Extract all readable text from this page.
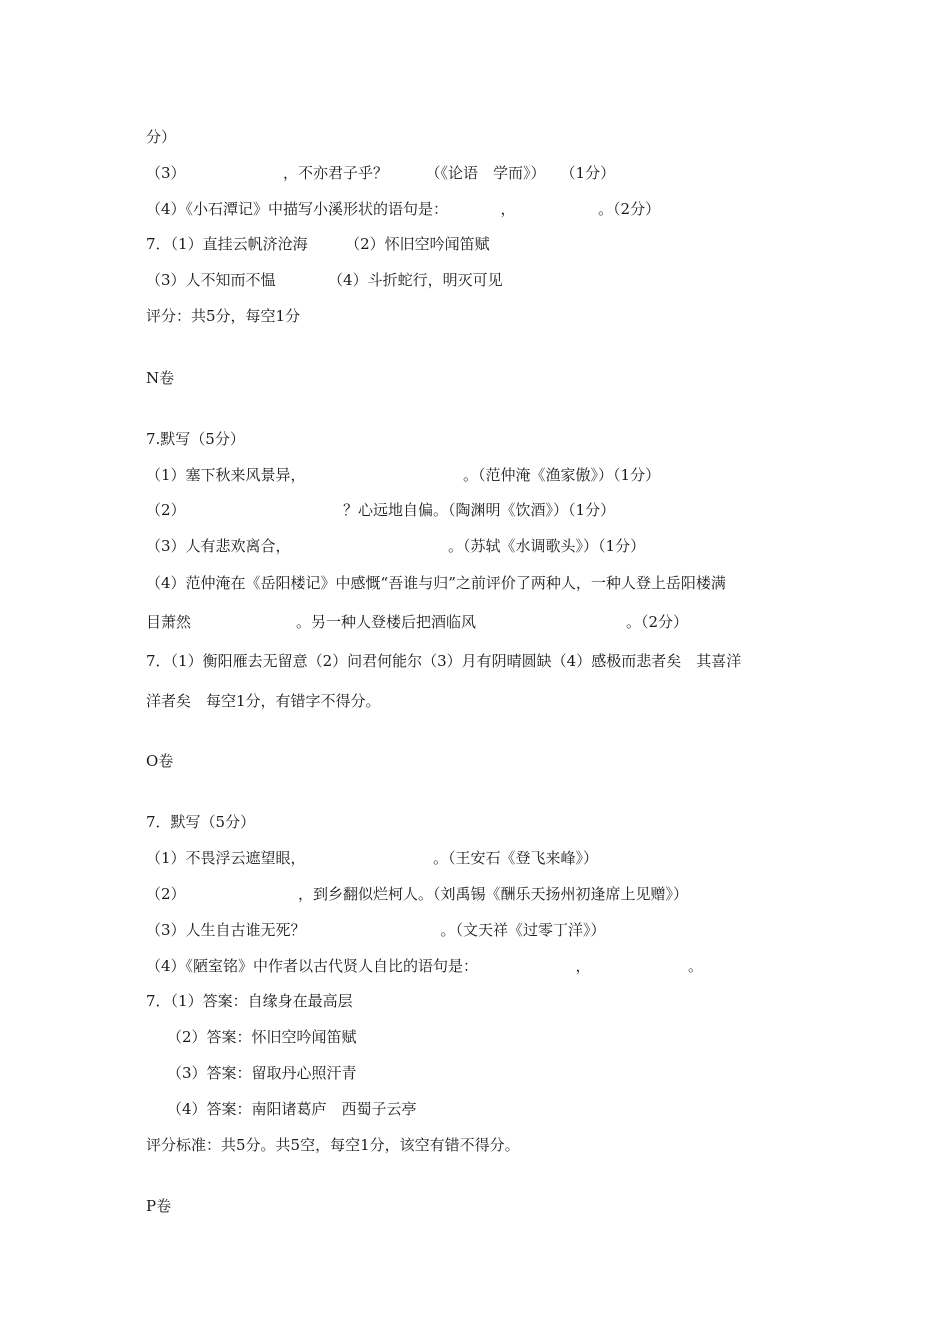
分）
（3）　　　　　　　，不亦君子乎？　　　（《论语　学而》）　　（1分）
（4）《小石潭记》中描写小溪形状的语句是：　　　　，　　　　　　。（2分）
7．（1）直挂云帆济沧海　　　（2）怀旧空吟闻笛赋
（3）人不知而不愠　　　　（4）斗折蛇行，明灭可见
评分：共5分，每空1分
N卷
7.默写（5分）
（1）塞下秋来风景异，　　　　　　　　　　　。（范仲淹《渔家傲》）（1分）
（2）　　　　　　　　　　　？心远地自偏。（陶渊明《饮酒》）（1分）
（3）人有悲欢离合，　　　　　　　　　　　。（苏轼《水调歌头》）（1分）
（4）范仲淹在《岳阳楼记》中感慨“吾谁与归”之前评价了两种人，一种人登上岳阳楼满
目萧然　　　　　　　。另一种人登楼后把酒临风　　　　　　　　　　。（2分）
7．（1）衡阳雁去无留意（2）问君何能尔（3）月有阴晴圆缺（4）感极而悲者矣　其喜洋
洋者矣　每空1分，有错字不得分。
O卷
7．默写（5分）
（1）不畏浮云遮望眼，　　　　　　　　　。（王安石《登飞来峰》）
（2）　　　　　　　　，到乡翻似烂柯人。（刘禹锡《酬乐天扬州初逢席上见赠》）
（3）人生自古谁无死？　　　　　　　　　。（文天祥《过零丁洋》）
（4）《陋室铭》中作者以古代贤人自比的语句是：　　　　　　　，　　　　　　　。
7．（1）答案：自缘身在最高层
（2）答案：怀旧空吟闻笛赋
（3）答案：留取丹心照汗青
（4）答案：南阳诸葛庐　西蜀子云亭
评分标准：共5分。共5空，每空1分，该空有错不得分。
P卷
